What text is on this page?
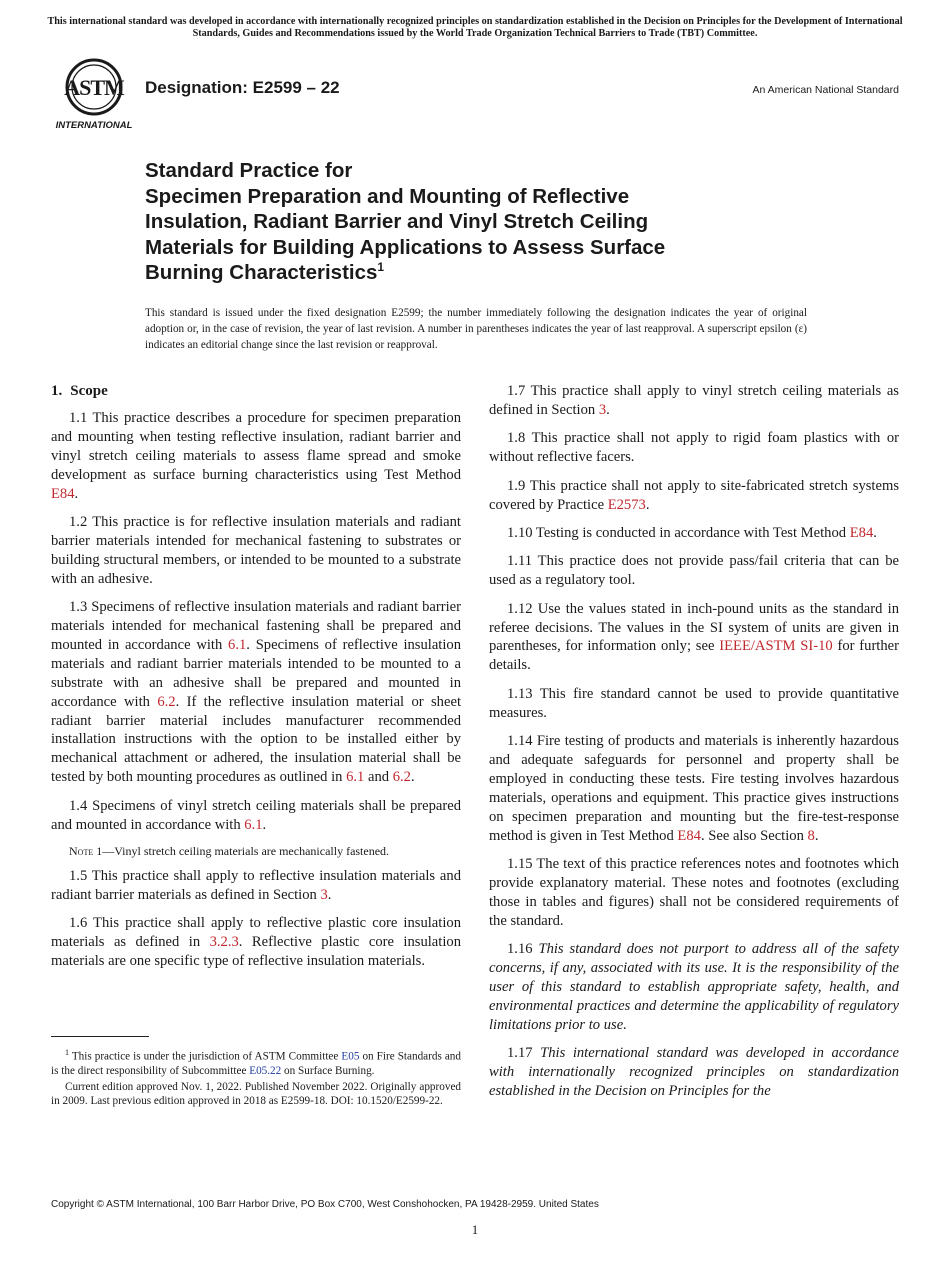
This international standard was developed in accordance with internationally recognized principles on standardization established in the Decision on Principles for the Development of International Standards, Guides and Recommendations issued by the World Trade Organization Technical Barriers to Trade (TBT) Committee.
ASTM
INTERNATIONAL
Designation: E2599 – 22	An American National Standard
Standard Practice for
Specimen Preparation and Mounting of Reflective
Insulation, Radiant Barrier and Vinyl Stretch Ceiling
Materials for Building Applications to Assess Surface
Burning Characteristics$^1$
This standard is issued under the fixed designation E2599; the number immediately following the designation indicates the year of original adoption or, in the case of revision, the year of last revision. A number in parentheses indicates the year of last reapproval. A superscript epsilon (ε) indicates an editorial change since the last revision or reapproval.
1. Scope

1.1 This practice describes a procedure for specimen preparation and mounting when testing reflective insulation, radiant barrier and vinyl stretch ceiling materials to assess flame spread and smoke development as surface burning characteristics using Test Method E84.

1.2 This practice is for reflective insulation materials and radiant barrier materials intended for mechanical fastening to substrates or building structural members, or intended to be mounted to a substrate with an adhesive.

1.3 Specimens of reflective insulation materials and radiant barrier materials intended for mechanical fastening shall be prepared and mounted in accordance with 6.1. Specimens of reflective insulation materials and radiant barrier materials intended to be mounted to a substrate with an adhesive shall be prepared and mounted in accordance with 6.2. If the reflective insulation material or sheet radiant barrier material includes manufacturer recommended installation instructions with the option to be installed either by mechanical attachment or adhered, the insulation material shall be tested by both mounting procedures as outlined in 6.1 and 6.2.

1.4 Specimens of vinyl stretch ceiling materials shall be prepared and mounted in accordance with 6.1.

Note 1—Vinyl stretch ceiling materials are mechanically fastened.

1.5 This practice shall apply to reflective insulation materials and radiant barrier materials as defined in Section 3.

1.6 This practice shall apply to reflective plastic core insulation materials as defined in 3.2.3. Reflective plastic core insulation materials are one specific type of reflective insulation materials.

1.7 This practice shall apply to vinyl stretch ceiling materials as defined in Section 3.

1.8 This practice shall not apply to rigid foam plastics with or without reflective facers.

1.9 This practice shall not apply to site-fabricated stretch systems covered by Practice E2573.

1.10 Testing is conducted in accordance with Test Method E84.

1.11 This practice does not provide pass/fail criteria that can be used as a regulatory tool.

1.12 Use the values stated in inch-pound units as the standard in referee decisions. The values in the SI system of units are given in parentheses, for information only; see IEEE/ASTM SI-10 for further details.

1.13 This fire standard cannot be used to provide quantitative measures.

1.14 Fire testing of products and materials is inherently hazardous and adequate safeguards for personnel and property shall be employed in conducting these tests. Fire testing involves hazardous materials, operations and equipment. This practice gives instructions on specimen preparation and mounting but the fire-test-response method is given in Test Method E84. See also Section 8.

1.15 The text of this practice references notes and footnotes which provide explanatory material. These notes and footnotes (excluding those in tables and figures) shall not be considered requirements of the standard.

1.16 This standard does not purport to address all of the safety concerns, if any, associated with its use. It is the responsibility of the user of this standard to establish appropriate safety, health, and environmental practices and determine the applicability of regulatory limitations prior to use.

1.17 This international standard was developed in accordance with internationally recognized principles on standardization established in the Decision on Principles for the

$^1$ This practice is under the jurisdiction of ASTM Committee E05 on Fire Standards and is the direct responsibility of Subcommittee E05.22 on Surface Burning.

Current edition approved Nov. 1, 2022. Published November 2022. Originally approved in 2009. Last previous edition approved in 2018 as E2599-18. DOI: 10.1520/E2599-22.

Copyright © ASTM International, 100 Barr Harbor Drive, PO Box C700, West Conshohocken, PA 19428-2959. United States
1
